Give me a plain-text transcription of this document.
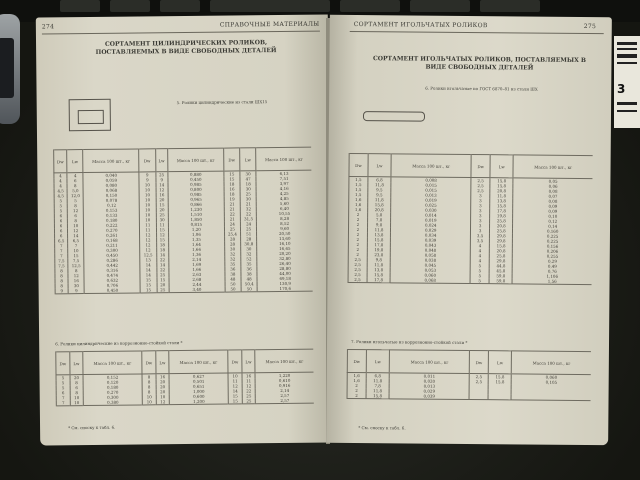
3
274	СПРАВОЧНЫЕ МАТЕРИАЛЫ
СОРТАМЕНТ ЦИЛИНДРИЧЕСКИХ РОЛИКОВ, ПОСТАВЛЯЕМЫХ В ВИДЕ СВОБОДНЫХ ДЕТАЛЕЙ
5. Ролики цилиндрические из стали ШХ15
Dw	Lw	Масса 100 шт., кг	Dw	Lw	Масса 100 шт., кг	Dw	Lw	Масса 100 шт., кг
4	4	0,040	9	25	0,880	15	30	6,13
4	6	0,059	9	9	0,450	15	47	7,51
4	8	0,080	10	14	0,985	18	18	3,97
4,5	5,0	0,068	10	12	0,800	16	30	4,16
4,5	12,0	0,150	10	16	0,985	18	25	4,25
5	5	0,078	10	20	0,965	19	30	4,85
5	8	0,12	10	15	0,866	21	21	5,60
5	12	0,153	10	20	1,230	21	32	6,40
6	6	0,133	10	25	1,510	22	22	10,55
6	8	0,180	10	30	1,850	21	31,5	8,28
6	10	0,222	11	11	0,815	24	24	8,52
6	12	0,270	11	15	1,20	25	25	9,60
6	14	0,261	12	12	1,06	25,4	51	20,50
6,5	6,5	0,168	12	15	1,35	28	28	13,60
7	7	0,211	12	18	1,64	28	30,8	16,10
7	10	0,300	12	18	1,66	30	30	16,65
7	15	0,450	12,5	14	1,36	32	32	20,20
7,5	7,5	0,286	13	22	2,14	32	52	32,80
7,5	12,5	0,442	14	14	1,69	35	35	26,40
8	8	0,316	14	22	1,66	36	36	28,80
8	12	0,474	14	25	2,63	38	38	44,00
8	16	0,632	15	15	2,68	48	48	69,18
8	30	0,706	15	20	2,44	50	50,4	130,9
9	9	0,450	15	25	3,40	50	50	170,6
6. Ролики цилиндрические из коррозионно-стойкой стали *
Dw	Lw	Масса 100 шт., кг	Dw	Lw	Масса 100 шт., кг	Dw	Lw	Масса 100 шт., кг
5	20	0,152	8	16	0,627	10	16	1,220
5	8	0,120	8	20	0,501	11	11	0,610
5	6	0,180	8	20	0,651	12	12	0,916
6	8	0,270	8	20	1,000	14	22	2,14
7	10	0,300	10	10	0,600	15	25	2,57
7	10	0,380	10	12	1,200	15	25	2,57
* См. сноску к табл. 6.
СОРТАМЕНТ ИГОЛЬЧАТЫХ РОЛИКОВ	275
СОРТАМЕНТ ИГОЛЬЧАТЫХ РОЛИКОВ, ПОСТАВЛЯЕМЫХ В ВИДЕ СВОБОДНЫХ ДЕТАЛЕЙ
6. Ролики игольчатые по ГОСТ 6870–81 из стали ШХ
Dw	Lw	Масса 100 шт., кг	Dw	Lw	Масса 100 шт., кг
1,5	6,8	0,008	2,5	15,8	0,05
1,5	11,8	0,015	2,5	15,8	0,06
1,5	9,5	0,015	2,5	20,8	0,08
1,5	9,5	0,013	3	11,8	0,07
1,6	11,8	0,019	3	13,8	0,08
1,6	15,8	0,025	3	15,8	0,09
1,6	20,8	0,030	3	17,8	0,09
2	5,8	0,014	3	19,8	0,10
2	7,8	0,019	3	25,8	0,12
2	9,8	0,024	3	20,8	0,14
2	11,8	0,029	3	25,8	0,160
2	13,8	0,034	3,5	29,8	0,225
2	15,8	0,039	3,5	29,8	0,225
2	17,8	0,043	4	15,8	0,156
2	19,8	0,048	4	20,8	0,206
2	23,8	0,058	4	25,8	0,255
2,5	9,8	0,038	4	29,8	0,29
2,5	11,8	0,045	5	44,8	0,49
2,5	13,8	0,053	5	45,8	0,76
2,5	15,8	0,060	5	59,8	1,106
2,5	17,8	0,068	5	59,8	1,56
7. Ролики игольчатые из коррозионно-стойкой стали *
Dw	Lw	Масса 100 шт., кг	Dw	Lw	Масса 100 шт., кг
1,6	6,8	0,011	2,5	15,8	0,060
1,6	11,8	0,020	2,5	15,8	0,105
2	7,8	0,013			
2	11,8	0,029			
2	15,8	0,039			
* См. сноску к табл. 6.
